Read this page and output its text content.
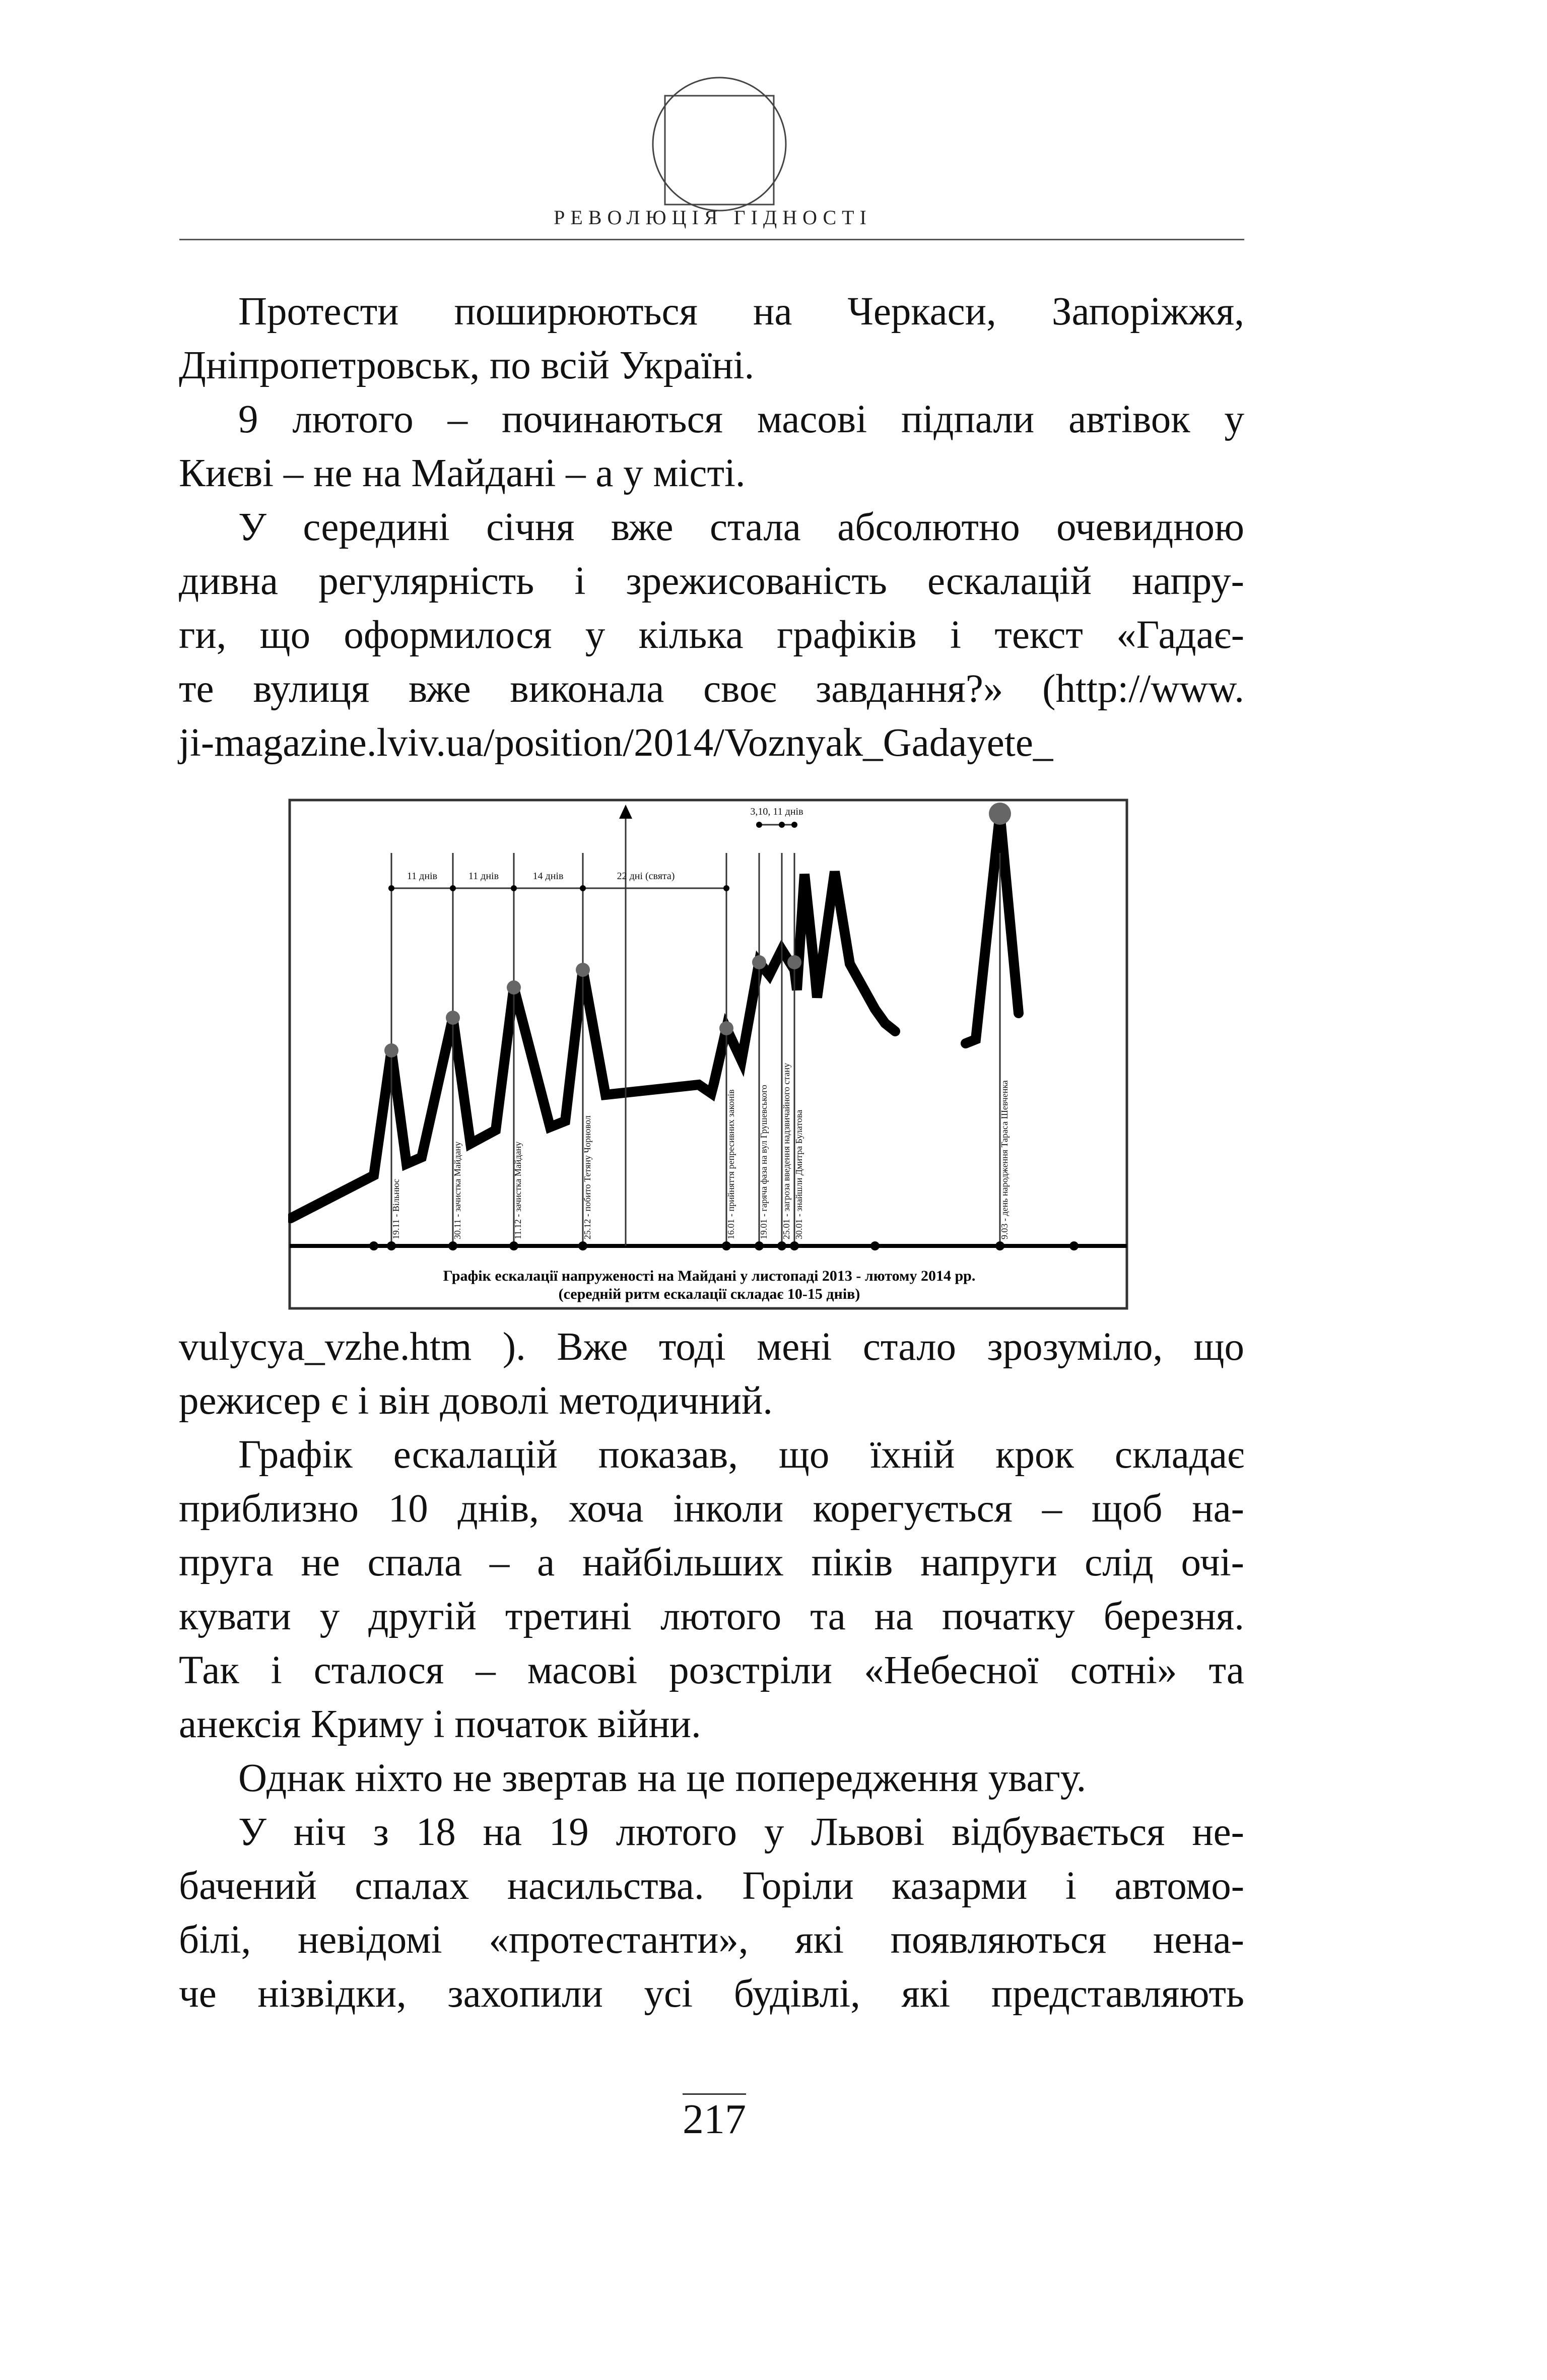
РЕВОЛЮЦІЯ ГІДНОСТІ

Протести поширюються на Черкаси, Запоріжжя,

Дніпропетровськ, по всій Україні.

9 лютого – починаються масові підпали автівок у

Києві – не на Майдані – а у місті.

У середині січня вже стала абсолютно очевидною

дивна регулярність і зрежисованість ескалацій напру-

ги, що оформилося у кілька графіків і текст «Гадає-

те вулиця вже виконала своє завдання?» (http://www.

ji-magazine.lviv.ua/position/2014/Voznyak_Gadayete_

11 днів	11 днів	14 днів	22 дні (свята)
3,10, 11 днів
19.11 - Вільнюс	30.11 - зачистка Майдану	11.12 - зачистка Майдану	25.12 - побито Тетяну Чорновол	16.01 - прийняття репресивних законів	19.01 - гаряча фаза на вул Грушевського 25.01 - загроза введення надзвичайного стану 30.01 - знайшли Дмитра Булатова	9.03 - день народження Тараса Шевченка
Графік ескалації напруженості на Майдані у листопаді 2013 - лютому 2014 рр.
(середній ритм ескалації складає 10-15 днів)

vulycya_vzhe.htm ). Вже тоді мені стало зрозуміло, що

режисер є і він доволі методичний.

Графік ескалацій показав, що їхній крок складає

приблизно 10 днів, хоча інколи корегується – щоб на-

пруга не спала – а найбільших піків напруги слід очі-

кувати у другій третині лютого та на початку березня.

Так і сталося – масові розстріли «Небесної сотні» та

анексія Криму і початок війни.

Однак ніхто не звертав на це попередження увагу.

У ніч з 18 на 19 лютого у Львові відбувається не-

бачений спалах насильства. Горіли казарми і автомо-

білі, невідомі «протестанти», які появляються нена-

че нізвідки, захопили усі будівлі, які представляють

217
